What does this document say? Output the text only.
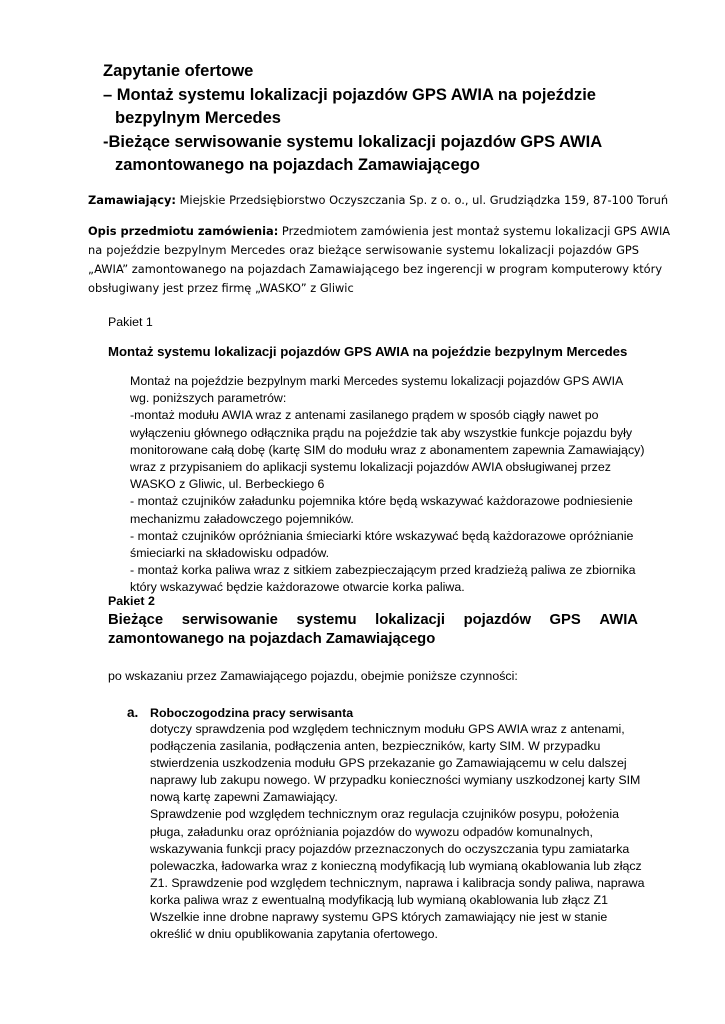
Zapytanie ofertowe
– Montaż systemu lokalizacji pojazdów GPS AWIA na pojeździe
bezpylnym Mercedes
-Bieżące serwisowanie systemu lokalizacji pojazdów GPS AWIA
zamontowanego na pojazdach Zamawiającego

Zamawiający: Miejskie Przedsiębiorstwo Oczyszczania Sp. z o. o., ul. Grudziądzka 159, 87-100 Toruń

Opis przedmiotu zamówienia: Przedmiotem zamówienia jest montaż systemu lokalizacji GPS AWIA
na pojeździe bezpylnym Mercedes oraz bieżące serwisowanie systemu lokalizacji pojazdów GPS
„AWIA” zamontowanego na pojazdach Zamawiającego bez ingerencji w program komputerowy który
obsługiwany jest przez firmę „WASKO” z Gliwic
Pakiet 1
Montaż systemu lokalizacji pojazdów GPS AWIA na pojeździe bezpylnym Mercedes
Montaż na pojeździe bezpylnym marki Mercedes systemu lokalizacji pojazdów GPS AWIA
wg. poniższych parametrów:
-montaż modułu AWIA wraz z antenami zasilanego prądem w sposób ciągły nawet po
wyłączeniu głównego odłącznika prądu na pojeździe tak aby wszystkie funkcje pojazdu były
monitorowane całą dobę (kartę SIM do modułu wraz z abonamentem zapewnia Zamawiający)
wraz z przypisaniem do aplikacji systemu lokalizacji pojazdów AWIA obsługiwanej przez
WASKO z Gliwic, ul. Berbeckiego 6
- montaż czujników załadunku pojemnika które będą wskazywać każdorazowe podniesienie
mechanizmu załadowczego pojemników.
- montaż czujników opróżniania śmieciarki które wskazywać będą każdorazowe opróżnianie
śmieciarki na składowisku odpadów.
- montaż korka paliwa wraz z sitkiem zabezpieczającym przed kradzieżą paliwa ze zbiornika
który wskazywać będzie każdorazowe otwarcie korka paliwa.
Pakiet 2
Bieżące serwisowanie systemu lokalizacji pojazdów GPS AWIA
zamontowanego na pojazdach Zamawiającego
po wskazaniu przez Zamawiającego pojazdu, obejmie poniższe czynności:
a. Roboczogodzina pracy serwisanta
dotyczy sprawdzenia pod względem technicznym modułu GPS AWIA wraz z antenami,
podłączenia zasilania, podłączenia anten, bezpieczników, karty SIM. W przypadku
stwierdzenia uszkodzenia modułu GPS przekazanie go Zamawiającemu w celu dalszej
naprawy lub zakupu nowego. W przypadku konieczności wymiany uszkodzonej karty SIM
nową kartę zapewni Zamawiający.
Sprawdzenie pod względem technicznym oraz regulacja czujników posypu, położenia
pługa, załadunku oraz opróżniania pojazdów do wywozu odpadów komunalnych,
wskazywania funkcji pracy pojazdów przeznaczonych do oczyszczania typu zamiatarka
polewaczka, ładowarka wraz z konieczną modyfikacją lub wymianą okablowania lub złącz
Z1. Sprawdzenie pod względem technicznym, naprawa i kalibracja sondy paliwa, naprawa
korka paliwa wraz z ewentualną modyfikacją lub wymianą okablowania lub złącz Z1
Wszelkie inne drobne naprawy systemu GPS których zamawiający nie jest w stanie
określić w dniu opublikowania zapytania ofertowego.
